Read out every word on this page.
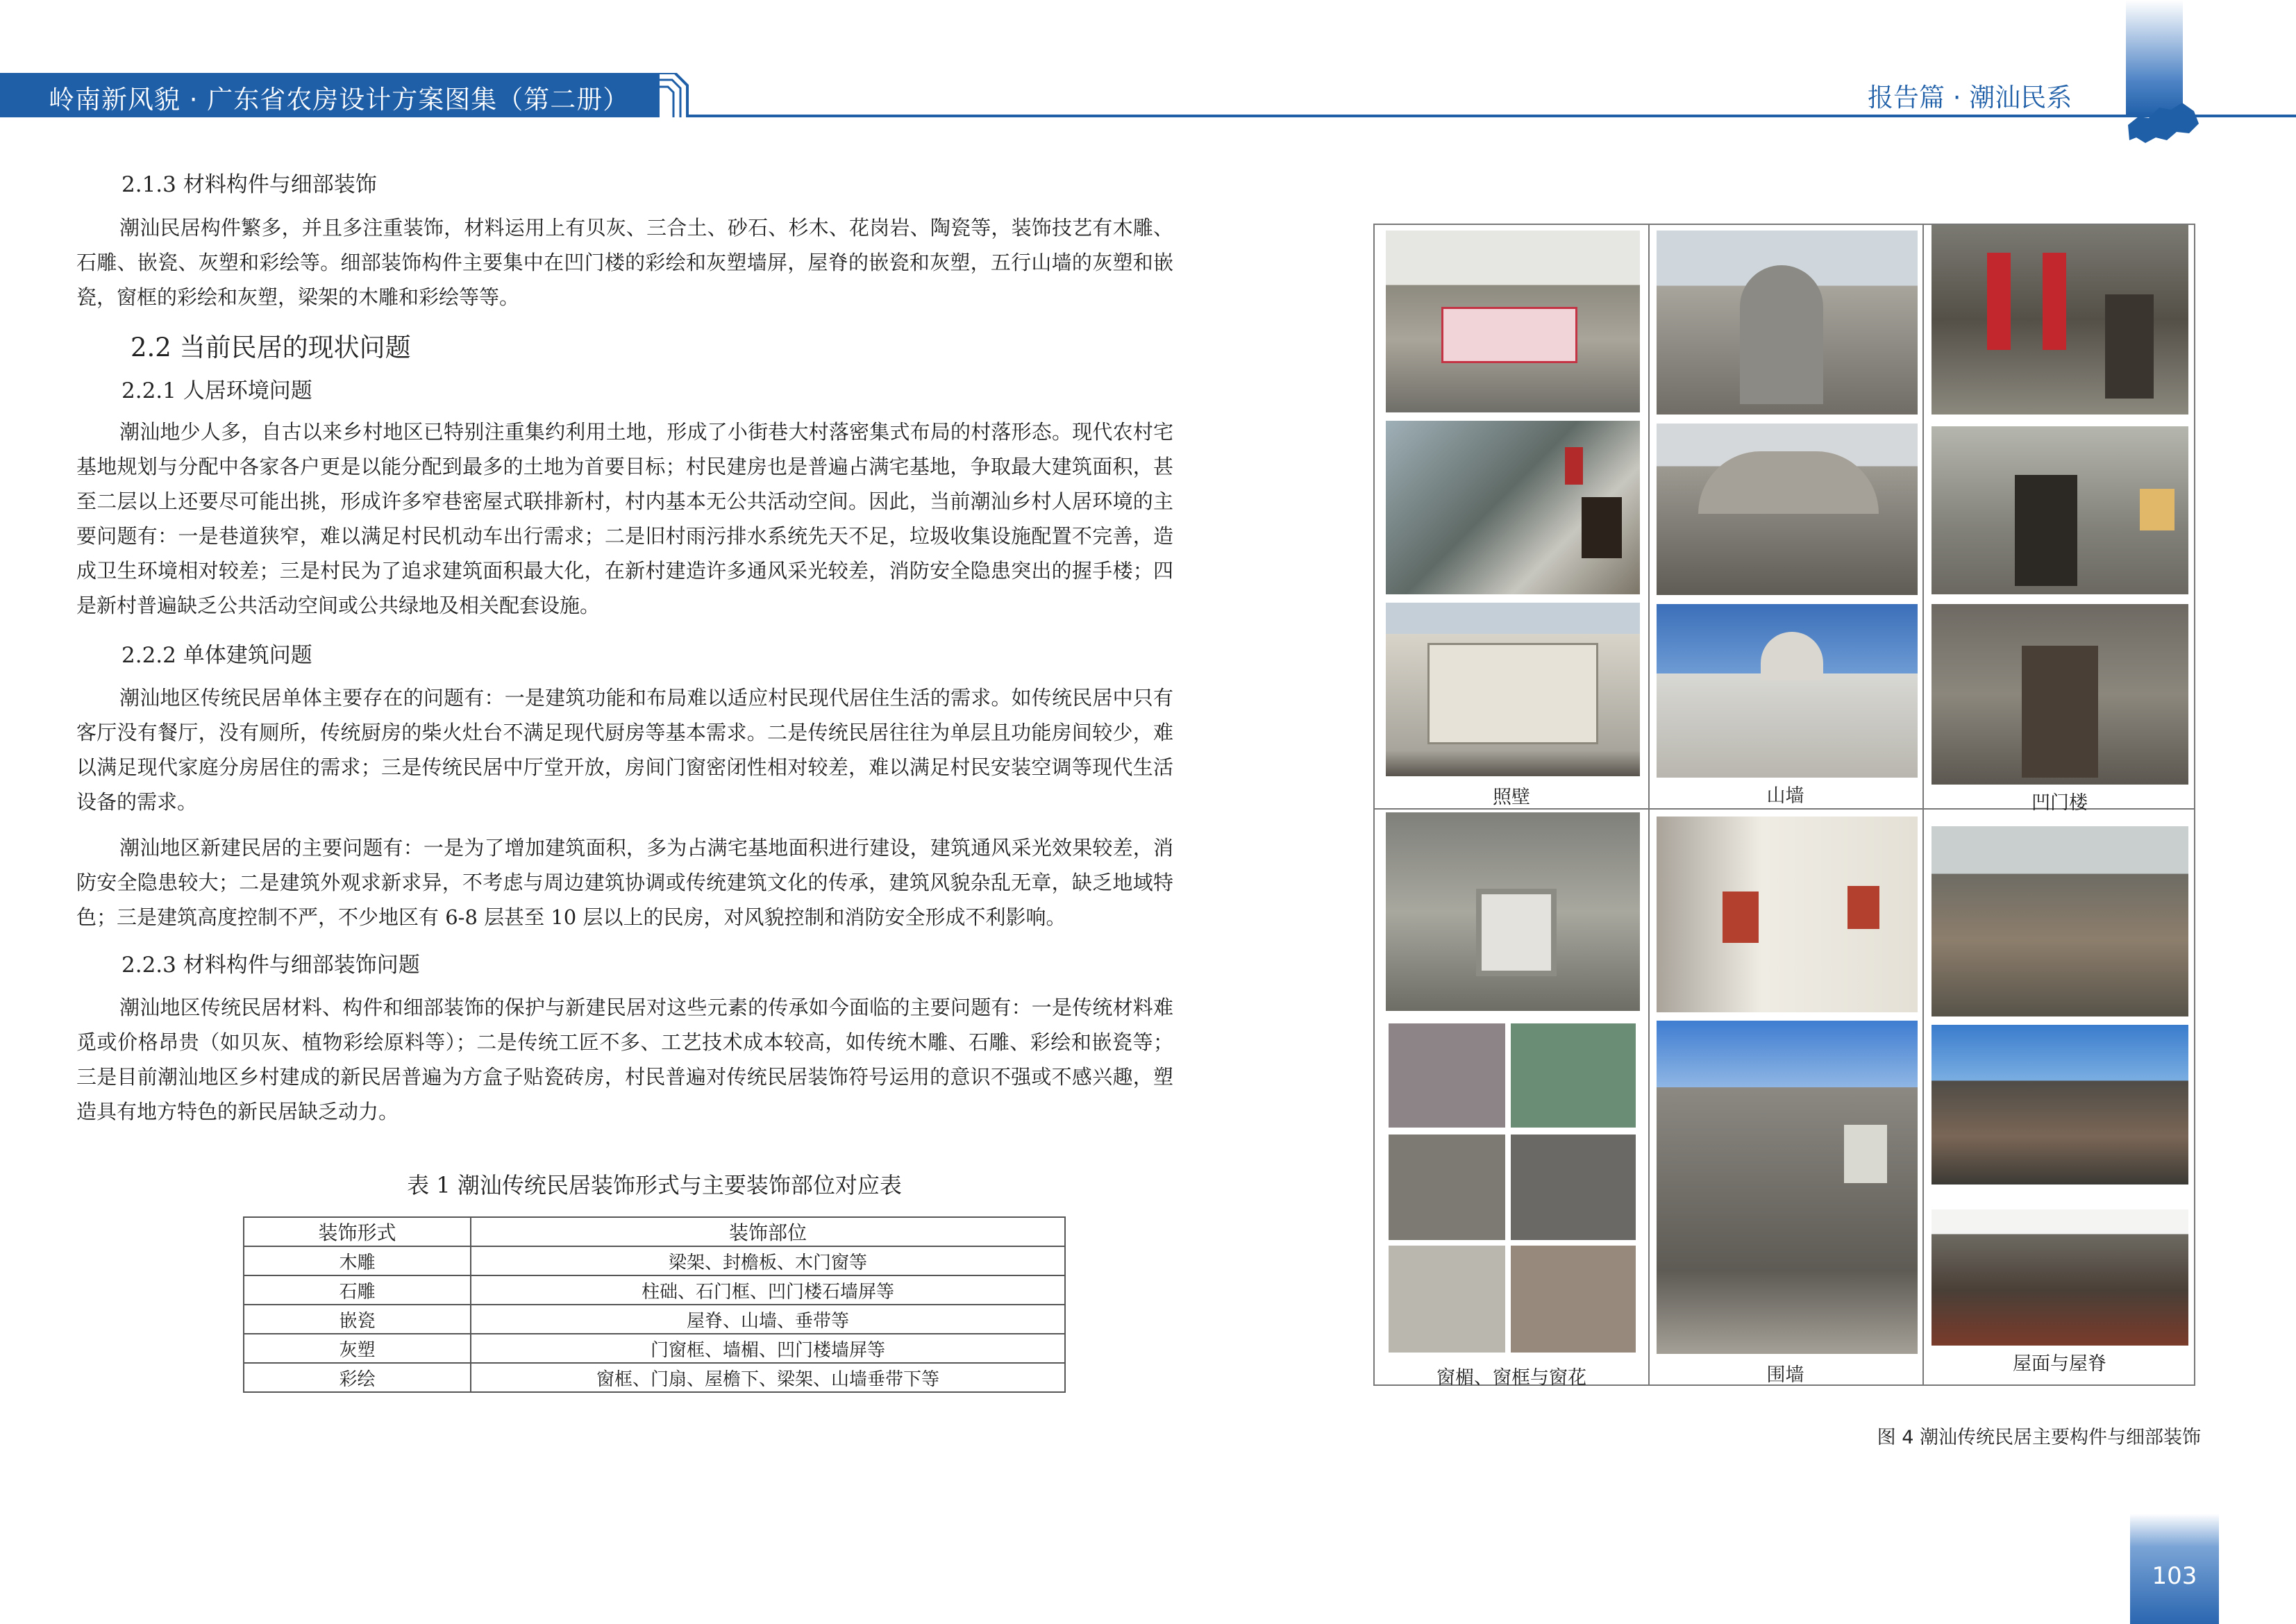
岭南新风貌 · 广东省农房设计方案图集（第二册）	报告篇 · 潮汕民系
2.1.3 材料构件与细部装饰
潮汕民居构件繁多，并且多注重装饰，材料运用上有贝灰、三合土、砂石、杉木、花岗岩、陶瓷等，装饰技艺有木雕、石雕、嵌瓷、灰塑和彩绘等。细部装饰构件主要集中在凹门楼的彩绘和灰塑墙屏，屋脊的嵌瓷和灰塑，五行山墙的灰塑和嵌瓷，窗框的彩绘和灰塑，梁架的木雕和彩绘等等。
2.2 当前民居的现状问题
2.2.1 人居环境问题
潮汕地少人多，自古以来乡村地区已特别注重集约利用土地，形成了小街巷大村落密集式布局的村落形态。现代农村宅基地规划与分配中各家各户更是以能分配到最多的土地为首要目标；村民建房也是普遍占满宅基地，争取最大建筑面积，甚至二层以上还要尽可能出挑，形成许多窄巷密屋式联排新村，村内基本无公共活动空间。因此，当前潮汕乡村人居环境的主要问题有：一是巷道狭窄，难以满足村民机动车出行需求；二是旧村雨污排水系统先天不足，垃圾收集设施配置不完善，造成卫生环境相对较差；三是村民为了追求建筑面积最大化，在新村建造许多通风采光较差，消防安全隐患突出的握手楼；四是新村普遍缺乏公共活动空间或公共绿地及相关配套设施。
2.2.2 单体建筑问题
潮汕地区传统民居单体主要存在的问题有：一是建筑功能和布局难以适应村民现代居住生活的需求。如传统民居中只有客厅没有餐厅，没有厕所，传统厨房的柴火灶台不满足现代厨房等基本需求。二是传统民居往往为单层且功能房间较少，难以满足现代家庭分房居住的需求；三是传统民居中厅堂开放，房间门窗密闭性相对较差，难以满足村民安装空调等现代生活设备的需求。
潮汕地区新建民居的主要问题有：一是为了增加建筑面积，多为占满宅基地面积进行建设，建筑通风采光效果较差，消防安全隐患较大；二是建筑外观求新求异，不考虑与周边建筑协调或传统建筑文化的传承，建筑风貌杂乱无章，缺乏地域特色；三是建筑高度控制不严，不少地区有 6-8 层甚至 10 层以上的民房，对风貌控制和消防安全形成不利影响。
2.2.3 材料构件与细部装饰问题
潮汕地区传统民居材料、构件和细部装饰的保护与新建民居对这些元素的传承如今面临的主要问题有：一是传统材料难觅或价格昂贵（如贝灰、植物彩绘原料等）；二是传统工匠不多、工艺技术成本较高，如传统木雕、石雕、彩绘和嵌瓷等；三是目前潮汕地区乡村建成的新民居普遍为方盒子贴瓷砖房，村民普遍对传统民居装饰符号运用的意识不强或不感兴趣，塑造具有地方特色的新民居缺乏动力。
表 1 潮汕传统民居装饰形式与主要装饰部位对应表
装饰形式	装饰部位
木雕	梁架、封檐板、木门窗等
石雕	柱础、石门框、凹门楼石墙屏等
嵌瓷	屋脊、山墙、垂带等
灰塑	门窗框、墙楣、凹门楼墙屏等
彩绘	窗框、门扇、屋檐下、梁架、山墙垂带下等
照壁	山墙	凹门楼
窗楣、窗框与窗花	围墙
屋面与屋脊
图 4 潮汕传统民居主要构件与细部装饰
103
